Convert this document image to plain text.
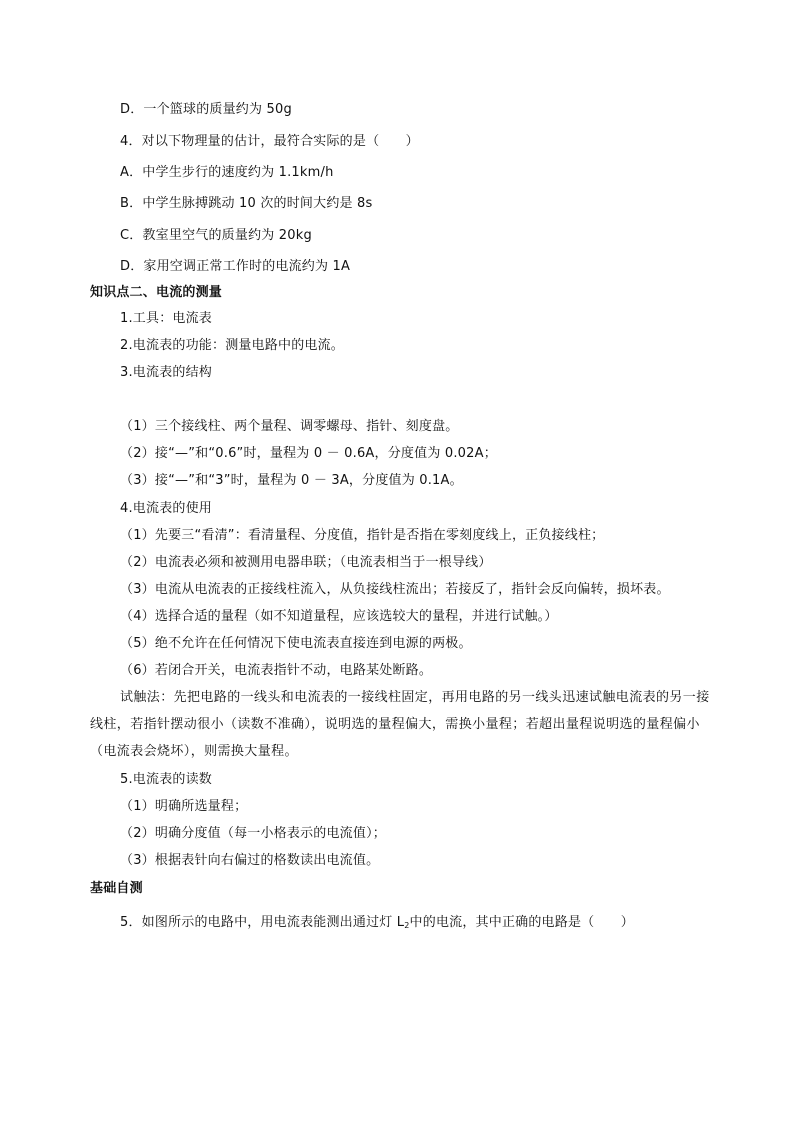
D．一个篮球的质量约为 50g
4．对以下物理量的估计，最符合实际的是（　　）
A．中学生步行的速度约为 1.1km/h
B．中学生脉搏跳动 10 次的时间大约是 8s
C．教室里空气的质量约为 20kg
D．家用空调正常工作时的电流约为 1A
知识点二、电流的测量
1.工具：电流表
2.电流表的功能：测量电路中的电流。
3.电流表的结构
（1）三个接线柱、两个量程、调零螺母、指针、刻度盘。
（2）接“—”和“0.6”时，量程为 0 － 0.6A，分度值为 0.02A；
（3）接“—”和“3”时，量程为 0 － 3A，分度值为 0.1A。
4.电流表的使用
（1）先要三“看清”：看清量程、分度值，指针是否指在零刻度线上，正负接线柱；
（2）电流表必须和被测用电器串联；（电流表相当于一根导线）
（3）电流从电流表的正接线柱流入，从负接线柱流出；若接反了，指针会反向偏转，损坏表。
（4）选择合适的量程（如不知道量程，应该选较大的量程，并进行试触。）
（5）绝不允许在任何情况下使电流表直接连到电源的两极。
（6）若闭合开关，电流表指针不动，电路某处断路。
试触法：先把电路的一线头和电流表的一接线柱固定，再用电路的另一线头迅速试触电流表的另一接线柱，若指针摆动很小（读数不准确），说明选的量程偏大，需换小量程；若超出量程说明选的量程偏小（电流表会烧坏），则需换大量程。
5.电流表的读数
（1）明确所选量程；
（2）明确分度值（每一小格表示的电流值）；
（3）根据表针向右偏过的格数读出电流值。
基础自测
5．如图所示的电路中，用电流表能测出通过灯 $L_2$中的电流，其中正确的电路是（　　）
